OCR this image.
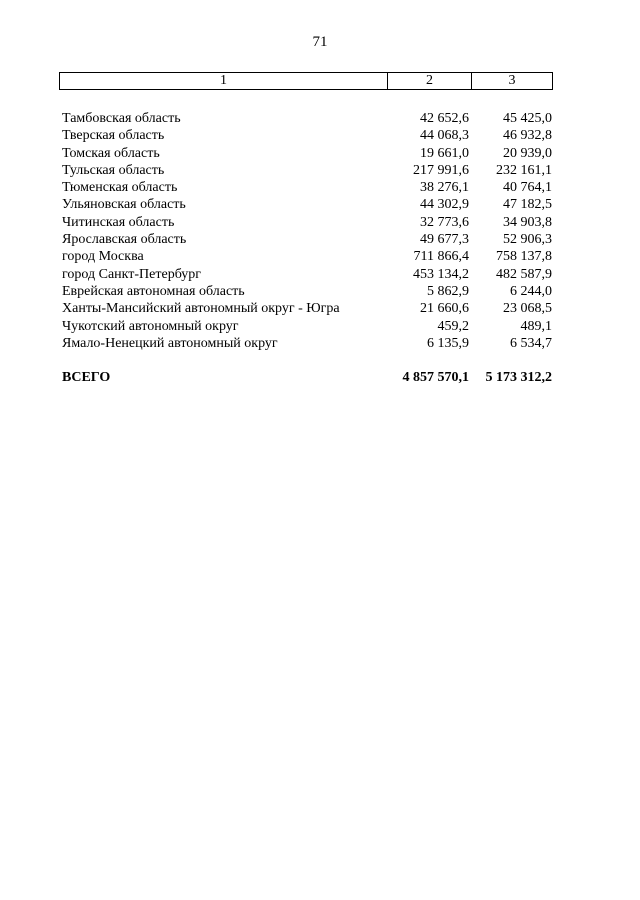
71
1	2	3
Тамбовская область	42 652,6	45 425,0
Тверская область	44 068,3	46 932,8
Томская область	19 661,0	20 939,0
Тульская область	217 991,6	232 161,1
Тюменская область	38 276,1	40 764,1
Ульяновская область	44 302,9	47 182,5
Читинская область	32 773,6	34 903,8
Ярославская область	49 677,3	52 906,3
город Москва	711 866,4	758 137,8
город Санкт-Петербург	453 134,2	482 587,9
Еврейская автономная область	5 862,9	6 244,0
Ханты-Мансийский автономный округ - Югра	21 660,6	23 068,5
Чукотский автономный округ	459,2	489,1
Ямало-Ненецкий автономный округ	6 135,9	6 534,7
ВСЕГО	4 857 570,1	5 173 312,2
